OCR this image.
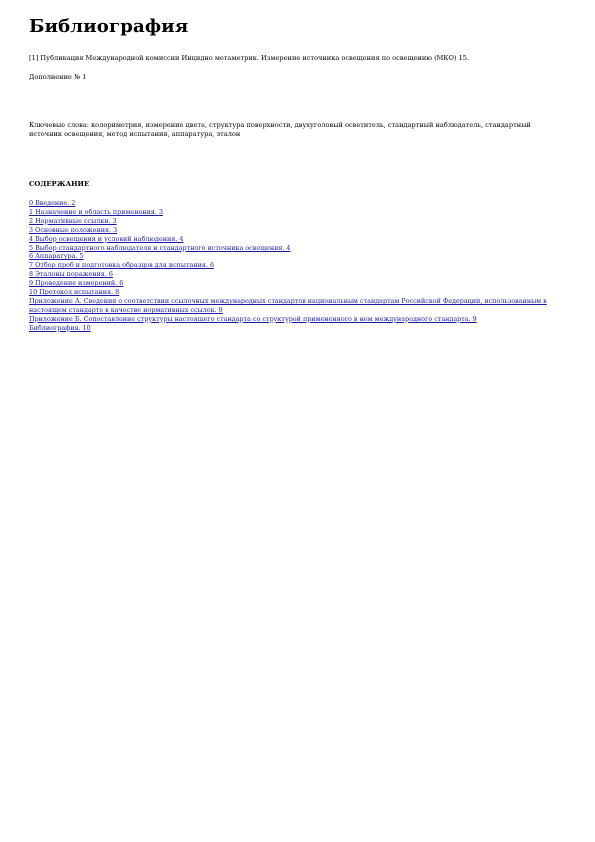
Библиография
[1] Публикация Международной комиссии Инцидно метаметрик. Измерение источника освещения по освещению (МКО) 15.
Дополнение № 1
Ключевые слова: колориметрия, измерение цвета, структура поверхности, двухуголовый осветитель, стандартный наблюдатель, стандартный источник освещения, метод испытания, аппаратура, эталон
СОДЕРЖАНИЕ
0 Введение. 2
1 Назначение и область применения. 3
2 Нормативные ссылки. 3
3 Основные положения. 3
4 Выбор освещения и условий наблюдения. 4
5 Выбор стандартного наблюдателя и стандартного источника освещения. 4
6 Аппаратура. 5
7 Отбор проб и подготовка образцов для испытания. 6
8 Эталоны поражения. 6
9 Проведение измерений. 6
10 Протокол испытания. 8
Приложение А. Сведения о соответствии ссылочных международных стандартов национальным стандартам Российской Федерации, использованным в настоящем стандарте в качестве нормативных ссылок. 9
Приложение Б. Сопоставление структуры настоящего стандарта со структурой примененного в нем международного стандарта. 9
Библиография. 10
